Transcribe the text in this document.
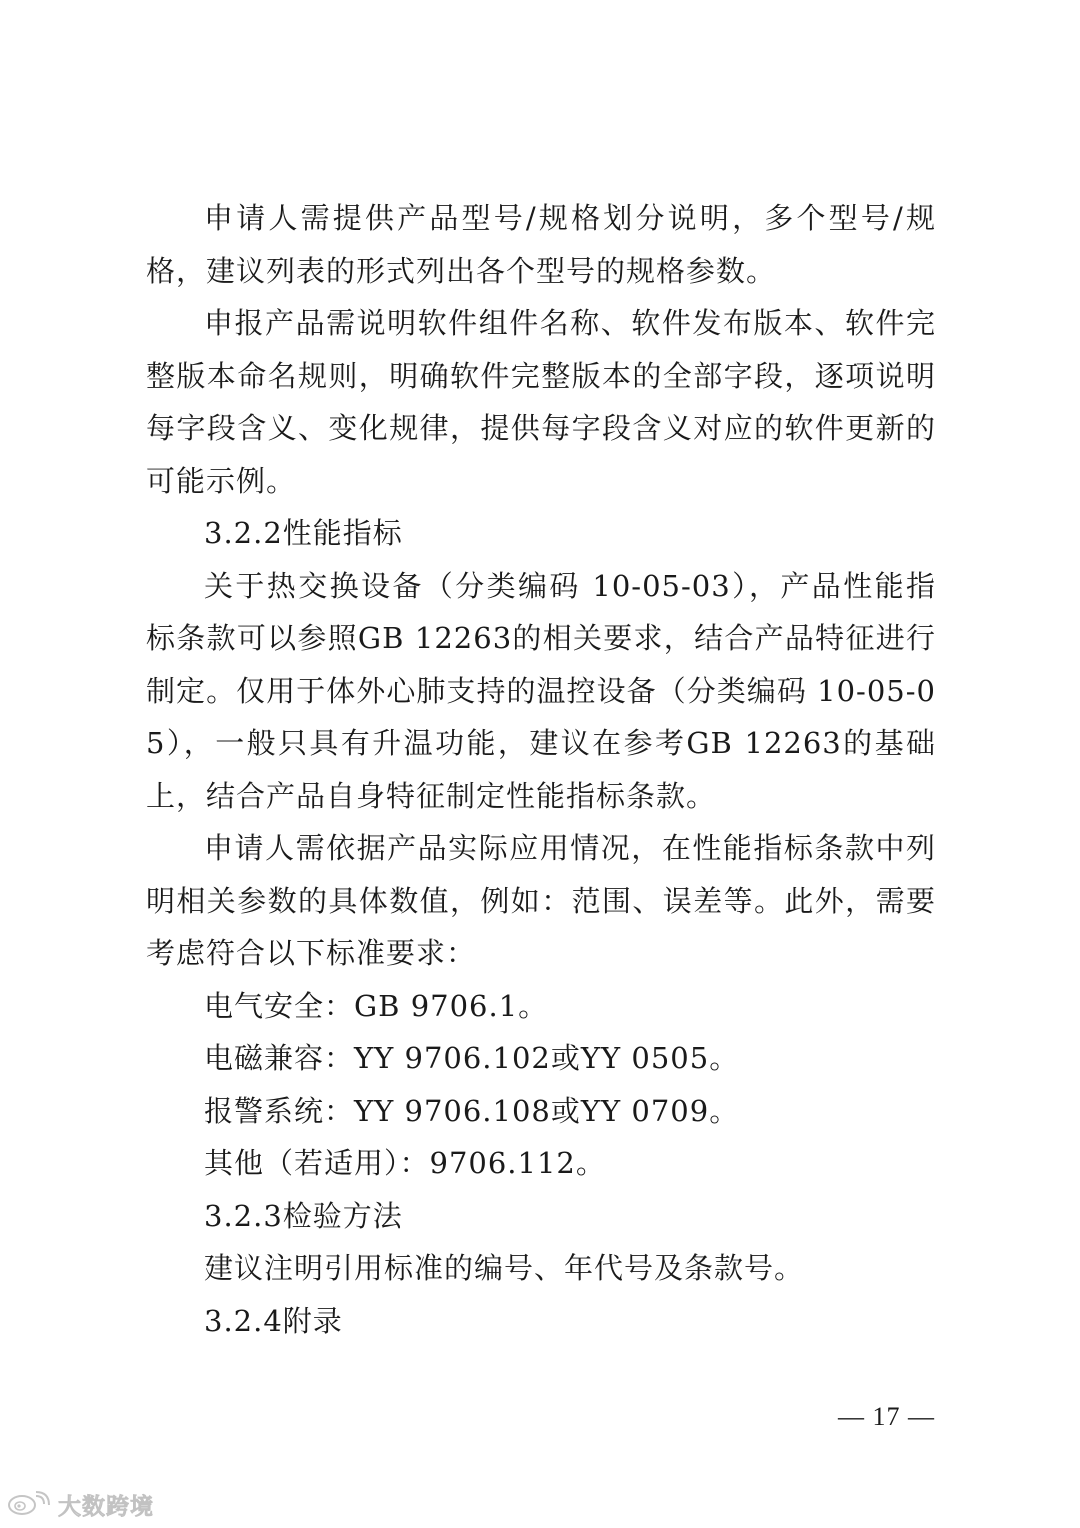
申请人需提供产品型号/规格划分说明，多个型号/规格，建议列表的形式列出各个型号的规格参数。

申报产品需说明软件组件名称、软件发布版本、软件完整版本命名规则，明确软件完整版本的全部字段，逐项说明每字段含义、变化规律，提供每字段含义对应的软件更新的可能示例。

3.2.2性能指标

关于热交换设备（分类编码 10-05-03），产品性能指标条款可以参照GB 12263的相关要求，结合产品特征进行制定。仅用于体外心肺支持的温控设备（分类编码 10-05-05），一般只具有升温功能，建议在参考GB 12263的基础上，结合产品自身特征制定性能指标条款。

申请人需依据产品实际应用情况，在性能指标条款中列明相关参数的具体数值，例如：范围、误差等。此外，需要考虑符合以下标准要求：

电气安全：GB 9706.1。

电磁兼容：YY 9706.102或YY 0505。

报警系统：YY 9706.108或YY 0709。

其他（若适用）：9706.112。

3.2.3检验方法

建议注明引用标准的编号、年代号及条款号。

3.2.4附录

— 17 —
大数跨境
